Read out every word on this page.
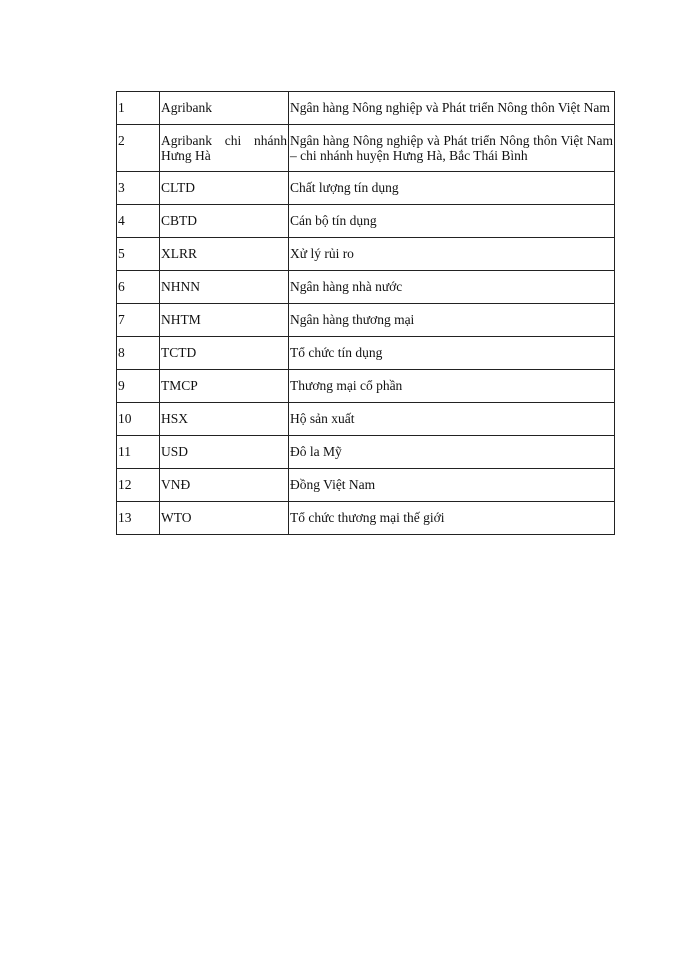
1	Agribank	Ngân hàng Nông nghiệp và Phát triển Nông thôn Việt Nam
2	Agribank chi nhánh Hưng Hà	Ngân hàng Nông nghiệp và Phát triển Nông thôn Việt Nam – chi nhánh huyện Hưng Hà, Bắc Thái Bình
3	CLTD	Chất lượng tín dụng
4	CBTD	Cán bộ tín dụng
5	XLRR	Xử lý rủi ro
6	NHNN	Ngân hàng nhà nước
7	NHTM	Ngân hàng thương mại
8	TCTD	Tổ chức tín dụng
9	TMCP	Thương mại cổ phần
10	HSX	Hộ sản xuất
11	USD	Đô la Mỹ
12	VNĐ	Đồng Việt Nam
13	WTO	Tổ chức thương mại thế giới
